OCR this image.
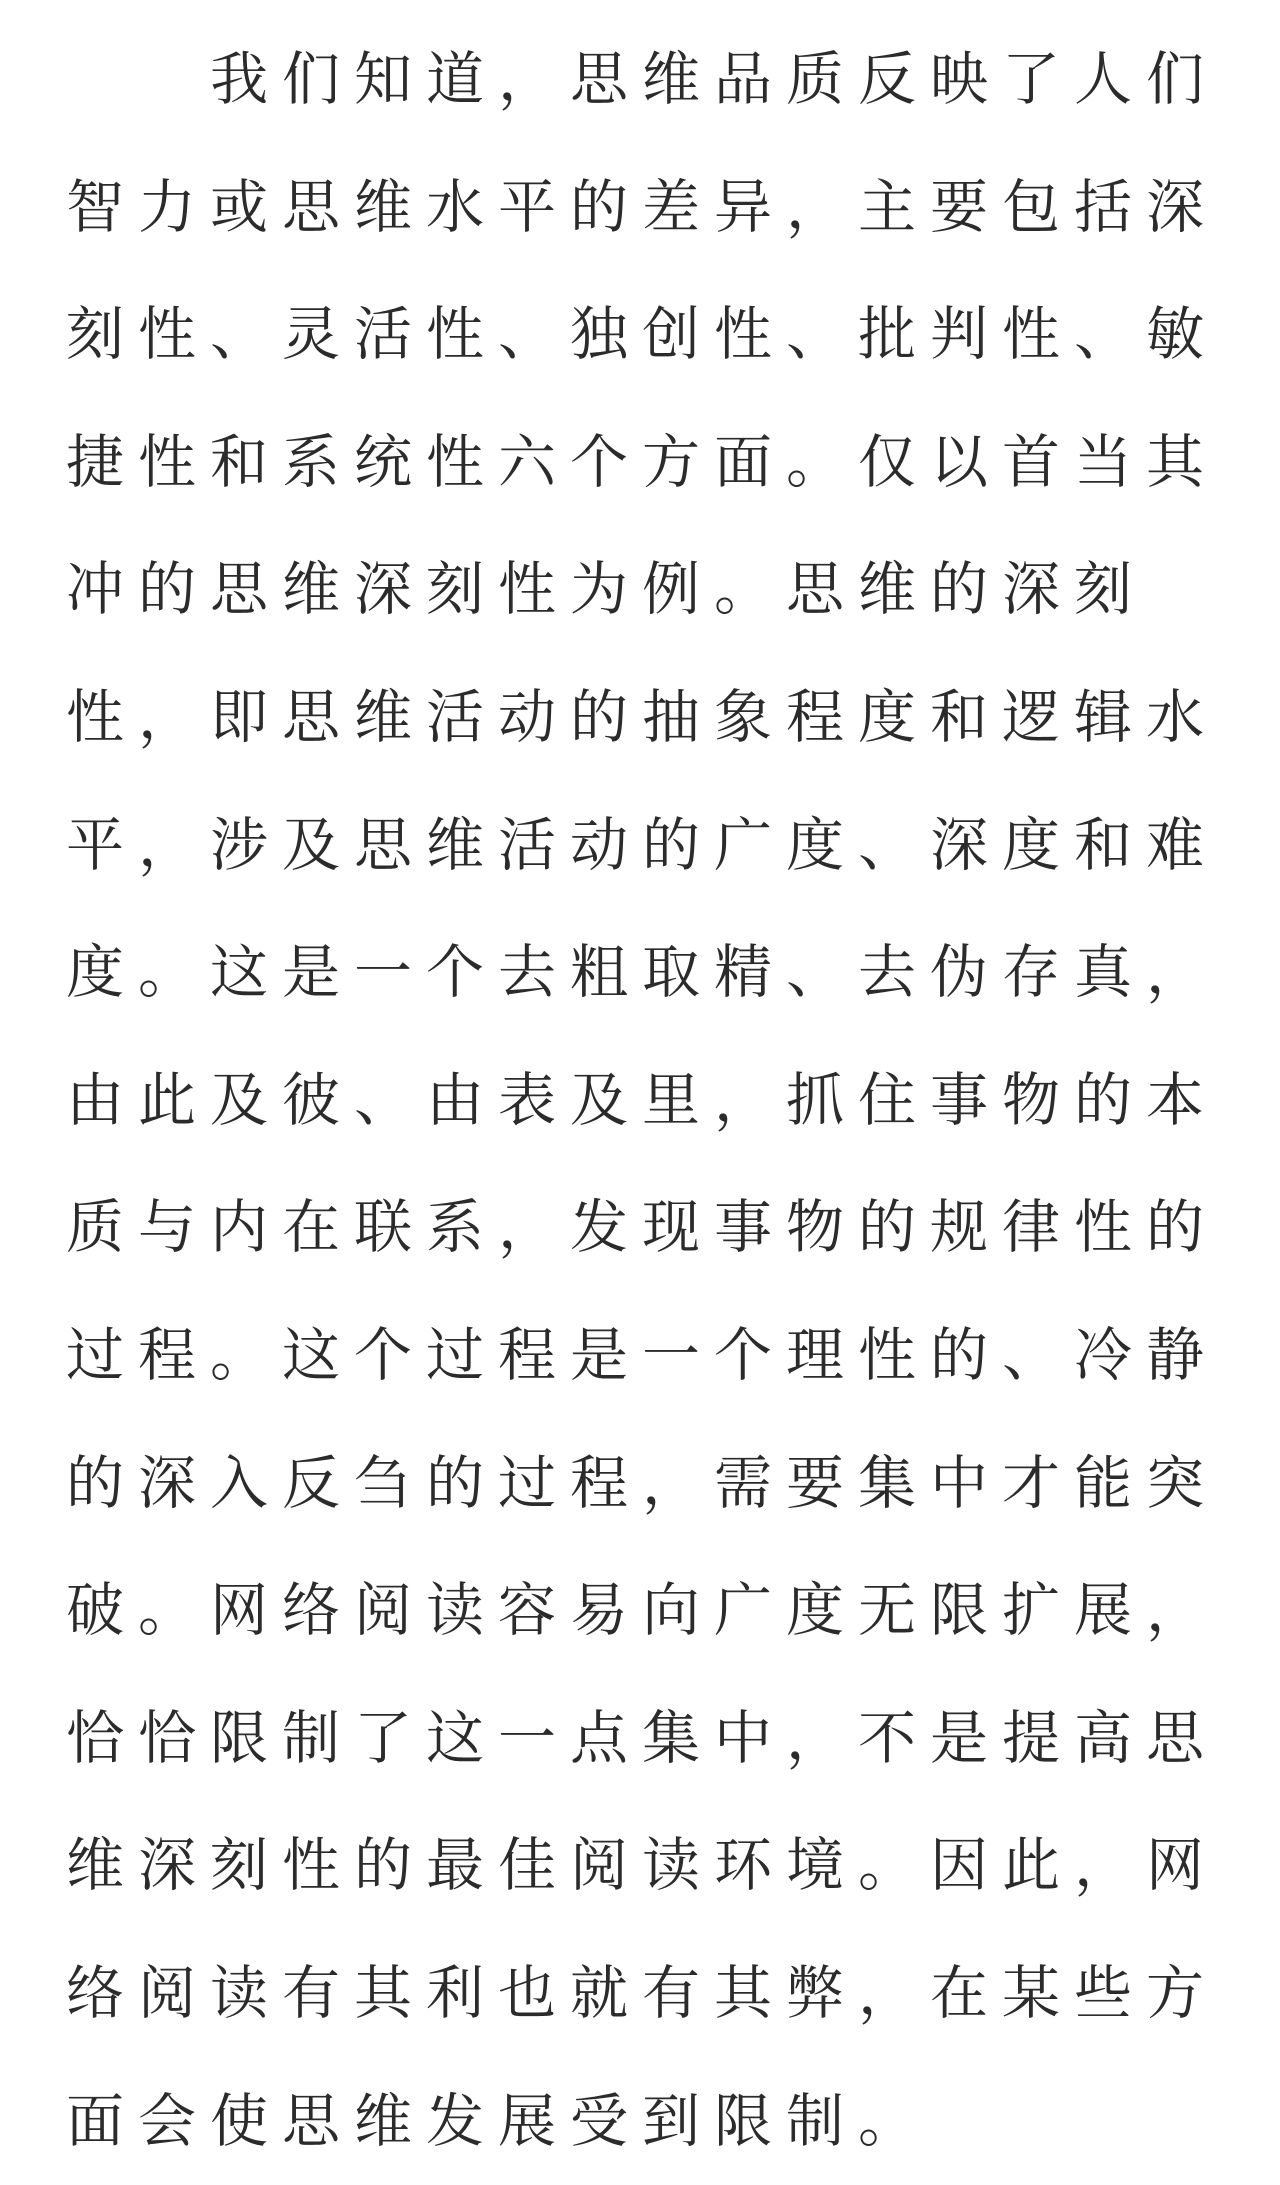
我们知道，思维品质反映了人们
智力或思维水平的差异，主要包括深
刻性、灵活性、独创性、批判性、敏
捷性和系统性六个方面。仅以首当其
冲的思维深刻性为例。思维的深刻
性，即思维活动的抽象程度和逻辑水
平，涉及思维活动的广度、深度和难
度。这是一个去粗取精、去伪存真，
由此及彼、由表及里，抓住事物的本
质与内在联系，发现事物的规律性的
过程。这个过程是一个理性的、冷静
的深入反刍的过程，需要集中才能突
破。网络阅读容易向广度无限扩展，
恰恰限制了这一点集中，不是提高思
维深刻性的最佳阅读环境。因此，网
络阅读有其利也就有其弊，在某些方
面会使思维发展受到限制。
